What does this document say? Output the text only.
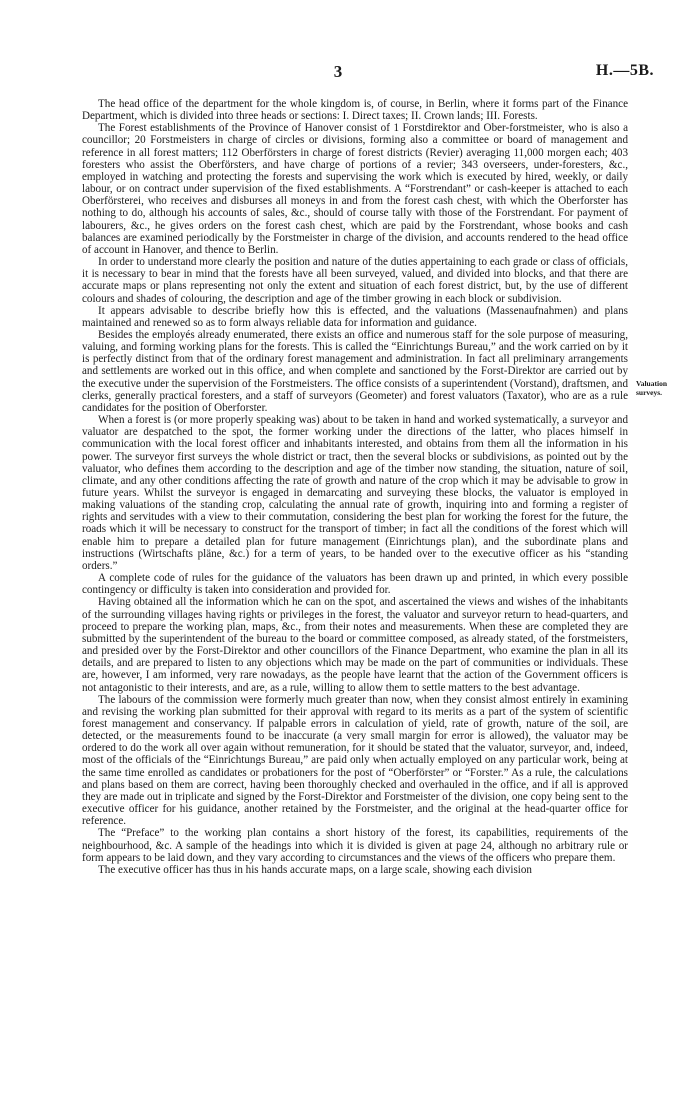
3	H.—5B.

The head office of the department for the whole kingdom is, of course, in Berlin, where it forms part of the Finance Department, which is divided into three heads or sections: I. Direct taxes; II. Crown lands; III. Forests.

The Forest establishments of the Province of Hanover consist of 1 Forstdirektor and Ober-forstmeister, who is also a councillor; 20 Forstmeisters in charge of circles or divisions, forming also a committee or board of management and reference in all forest matters; 112 Oberförsters in charge of forest districts (Revier) averaging 11,000 morgen each; 403 foresters who assist the Oberförsters, and have charge of portions of a revier; 343 overseers, under-foresters, &c., employed in watching and protecting the forests and supervising the work which is executed by hired, weekly, or daily labour, or on contract under supervision of the fixed establishments. A “Forstrendant” or cash-keeper is attached to each Oberförsterei, who receives and disburses all moneys in and from the forest cash chest, with which the Oberforster has nothing to do, although his accounts of sales, &c., should of course tally with those of the Forstrendant. For payment of labourers, &c., he gives orders on the forest cash chest, which are paid by the Forstrendant, whose books and cash balances are examined periodically by the Forstmeister in charge of the division, and accounts rendered to the head office of account in Hanover, and thence to Berlin.

In order to understand more clearly the position and nature of the duties appertaining to each grade or class of officials, it is necessary to bear in mind that the forests have all been surveyed, valued, and divided into blocks, and that there are accurate maps or plans representing not only the extent and situation of each forest district, but, by the use of different colours and shades of colouring, the description and age of the timber growing in each block or subdivision.

It appears advisable to describe briefly how this is effected, and the valuations (Massenaufnahmen) and plans maintained and renewed so as to form always reliable data for information and guidance.

Besides the employés already enumerated, there exists an office and numerous staff for the sole purpose of measuring, valuing, and forming working plans for the forests. This is called the “Einrichtungs Bureau,” and the work carried on by it is perfectly distinct from that of the ordinary forest management and administration. In fact all preliminary arrangements and settlements are worked out in this office, and when complete and sanctioned by the Forst-Direktor are carried out by the executive under the supervision of the Forstmeisters. The office consists of a superintendent (Vorstand), draftsmen, and clerks, generally practical foresters, and a staff of surveyors (Geometer) and forest valuators (Taxator), who are as a rule candidates for the position of Oberforster.

When a forest is (or more properly speaking was) about to be taken in hand and worked systematically, a surveyor and valuator are despatched to the spot, the former working under the directions of the latter, who places himself in communication with the local forest officer and inhabitants interested, and obtains from them all the information in his power. The surveyor first surveys the whole district or tract, then the several blocks or subdivisions, as pointed out by the valuator, who defines them according to the description and age of the timber now standing, the situation, nature of soil, climate, and any other conditions affecting the rate of growth and nature of the crop which it may be advisable to grow in future years. Whilst the surveyor is engaged in demarcating and surveying these blocks, the valuator is employed in making valuations of the standing crop, calculating the annual rate of growth, inquiring into and forming a register of rights and servitudes with a view to their commutation, considering the best plan for working the forest for the future, the roads which it will be necessary to construct for the transport of timber; in fact all the conditions of the forest which will enable him to prepare a detailed plan for future management (Einrichtungs plan), and the subordinate plans and instructions (Wirtschafts pläne, &c.) for a term of years, to be handed over to the executive officer as his “standing orders.”

A complete code of rules for the guidance of the valuators has been drawn up and printed, in which every possible contingency or difficulty is taken into consideration and provided for.

Having obtained all the information which he can on the spot, and ascertained the views and wishes of the inhabitants of the surrounding villages having rights or privileges in the forest, the valuator and surveyor return to head-quarters, and proceed to prepare the working plan, maps, &c., from their notes and measurements. When these are completed they are submitted by the superintendent of the bureau to the board or committee composed, as already stated, of the forstmeisters, and presided over by the Forst-Direktor and other councillors of the Finance Department, who examine the plan in all its details, and are prepared to listen to any objections which may be made on the part of communities or individuals. These are, however, I am informed, very rare nowadays, as the people have learnt that the action of the Government officers is not antagonistic to their interests, and are, as a rule, willing to allow them to settle matters to the best advantage.

The labours of the commission were formerly much greater than now, when they consist almost entirely in examining and revising the working plan submitted for their approval with regard to its merits as a part of the system of scientific forest management and conservancy. If palpable errors in calculation of yield, rate of growth, nature of the soil, are detected, or the measurements found to be inaccurate (a very small margin for error is allowed), the valuator may be ordered to do the work all over again without remuneration, for it should be stated that the valuator, surveyor, and, indeed, most of the officials of the “Einrichtungs Bureau,” are paid only when actually employed on any particular work, being at the same time enrolled as candidates or probationers for the post of “Oberförster” or “Forster.” As a rule, the calculations and plans based on them are correct, having been thoroughly checked and overhauled in the office, and if all is approved they are made out in triplicate and signed by the Forst-Direktor and Forstmeister of the division, one copy being sent to the executive officer for his guidance, another retained by the Forstmeister, and the original at the head-quarter office for reference.

The “Preface” to the working plan contains a short history of the forest, its capabilities, requirements of the neighbourhood, &c. A sample of the headings into which it is divided is given at page 24, although no arbitrary rule or form appears to be laid down, and they vary according to circumstances and the views of the officers who prepare them.

The executive officer has thus in his hands accurate maps, on a large scale, showing each division

Valuation surveys.
